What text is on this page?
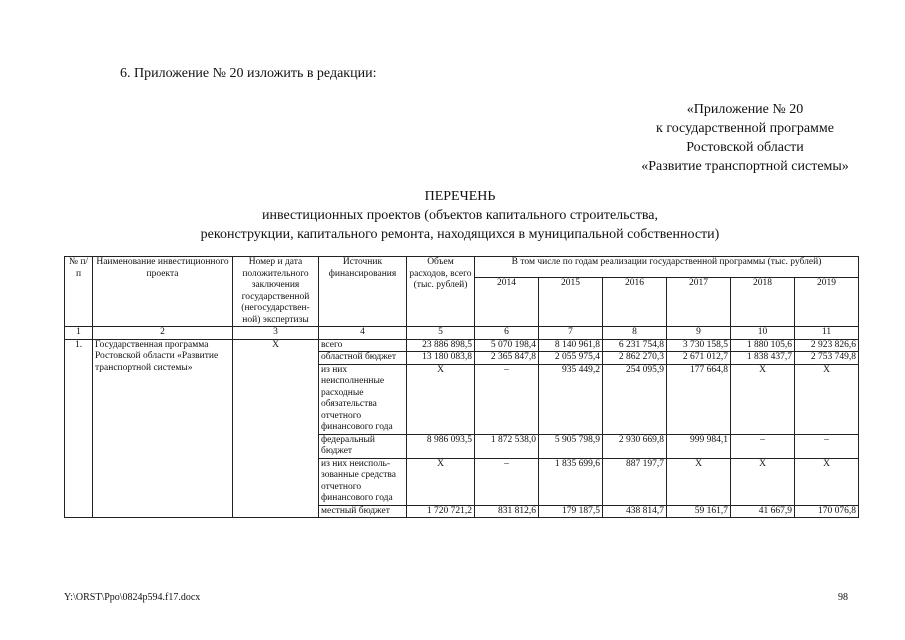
6. Приложение № 20 изложить в редакции:
«Приложение № 20
к государственной программе
Ростовской области
«Развитие транспортной системы»
ПЕРЕЧЕНЬ
инвестиционных проектов (объектов капитального строительства,
реконструкции, капитального ремонта, находящихся в муниципальной собственности)
№ п/п	Наименование инвестиционного проекта	Номер и дата положительного заключения государственной (негосударствен-ной) экспертизы	Источник финансирования	Объем расходов, всего (тыс. рублей)	В том числе по годам реализации государственной программы (тыс. рублей)					
					2014	2015	2016	2017	2018	2019
1	2	3	4	5	6	7	8	9	10	11
1.	Государственная программа Ростовской области «Развитие транспортной системы»	Х	всего	23 886 898,5	5 070 198,4	8 140 961,8	6 231 754,8	3 730 158,5	1 880 105,6	2 923 826,6
			областной бюджет	13 180 083,8	2 365 847,8	2 055 975,4	2 862 270,3	2 671 012,7	1 838 437,7	2 753 749,8
			из них неисполненные расходные обязательства отчетного финансового года	Х	–	935 449,2	254 095,9	177 664,8	Х	Х
			федеральный бюджет	8 986 093,5	1 872 538,0	5 905 798,9	2 930 669,8	999 984,1	–	–
			из них неисполь-зованные средства отчетного финансового года	Х	–	1 835 699,6	887 197,7	Х	Х	Х
			местный бюджет	1 720 721,2	831 812,6	179 187,5	438 814,7	59 161,7	41 667,9	170 076,8
Y:\ORST\Ppo\0824p594.f17.docx	98
